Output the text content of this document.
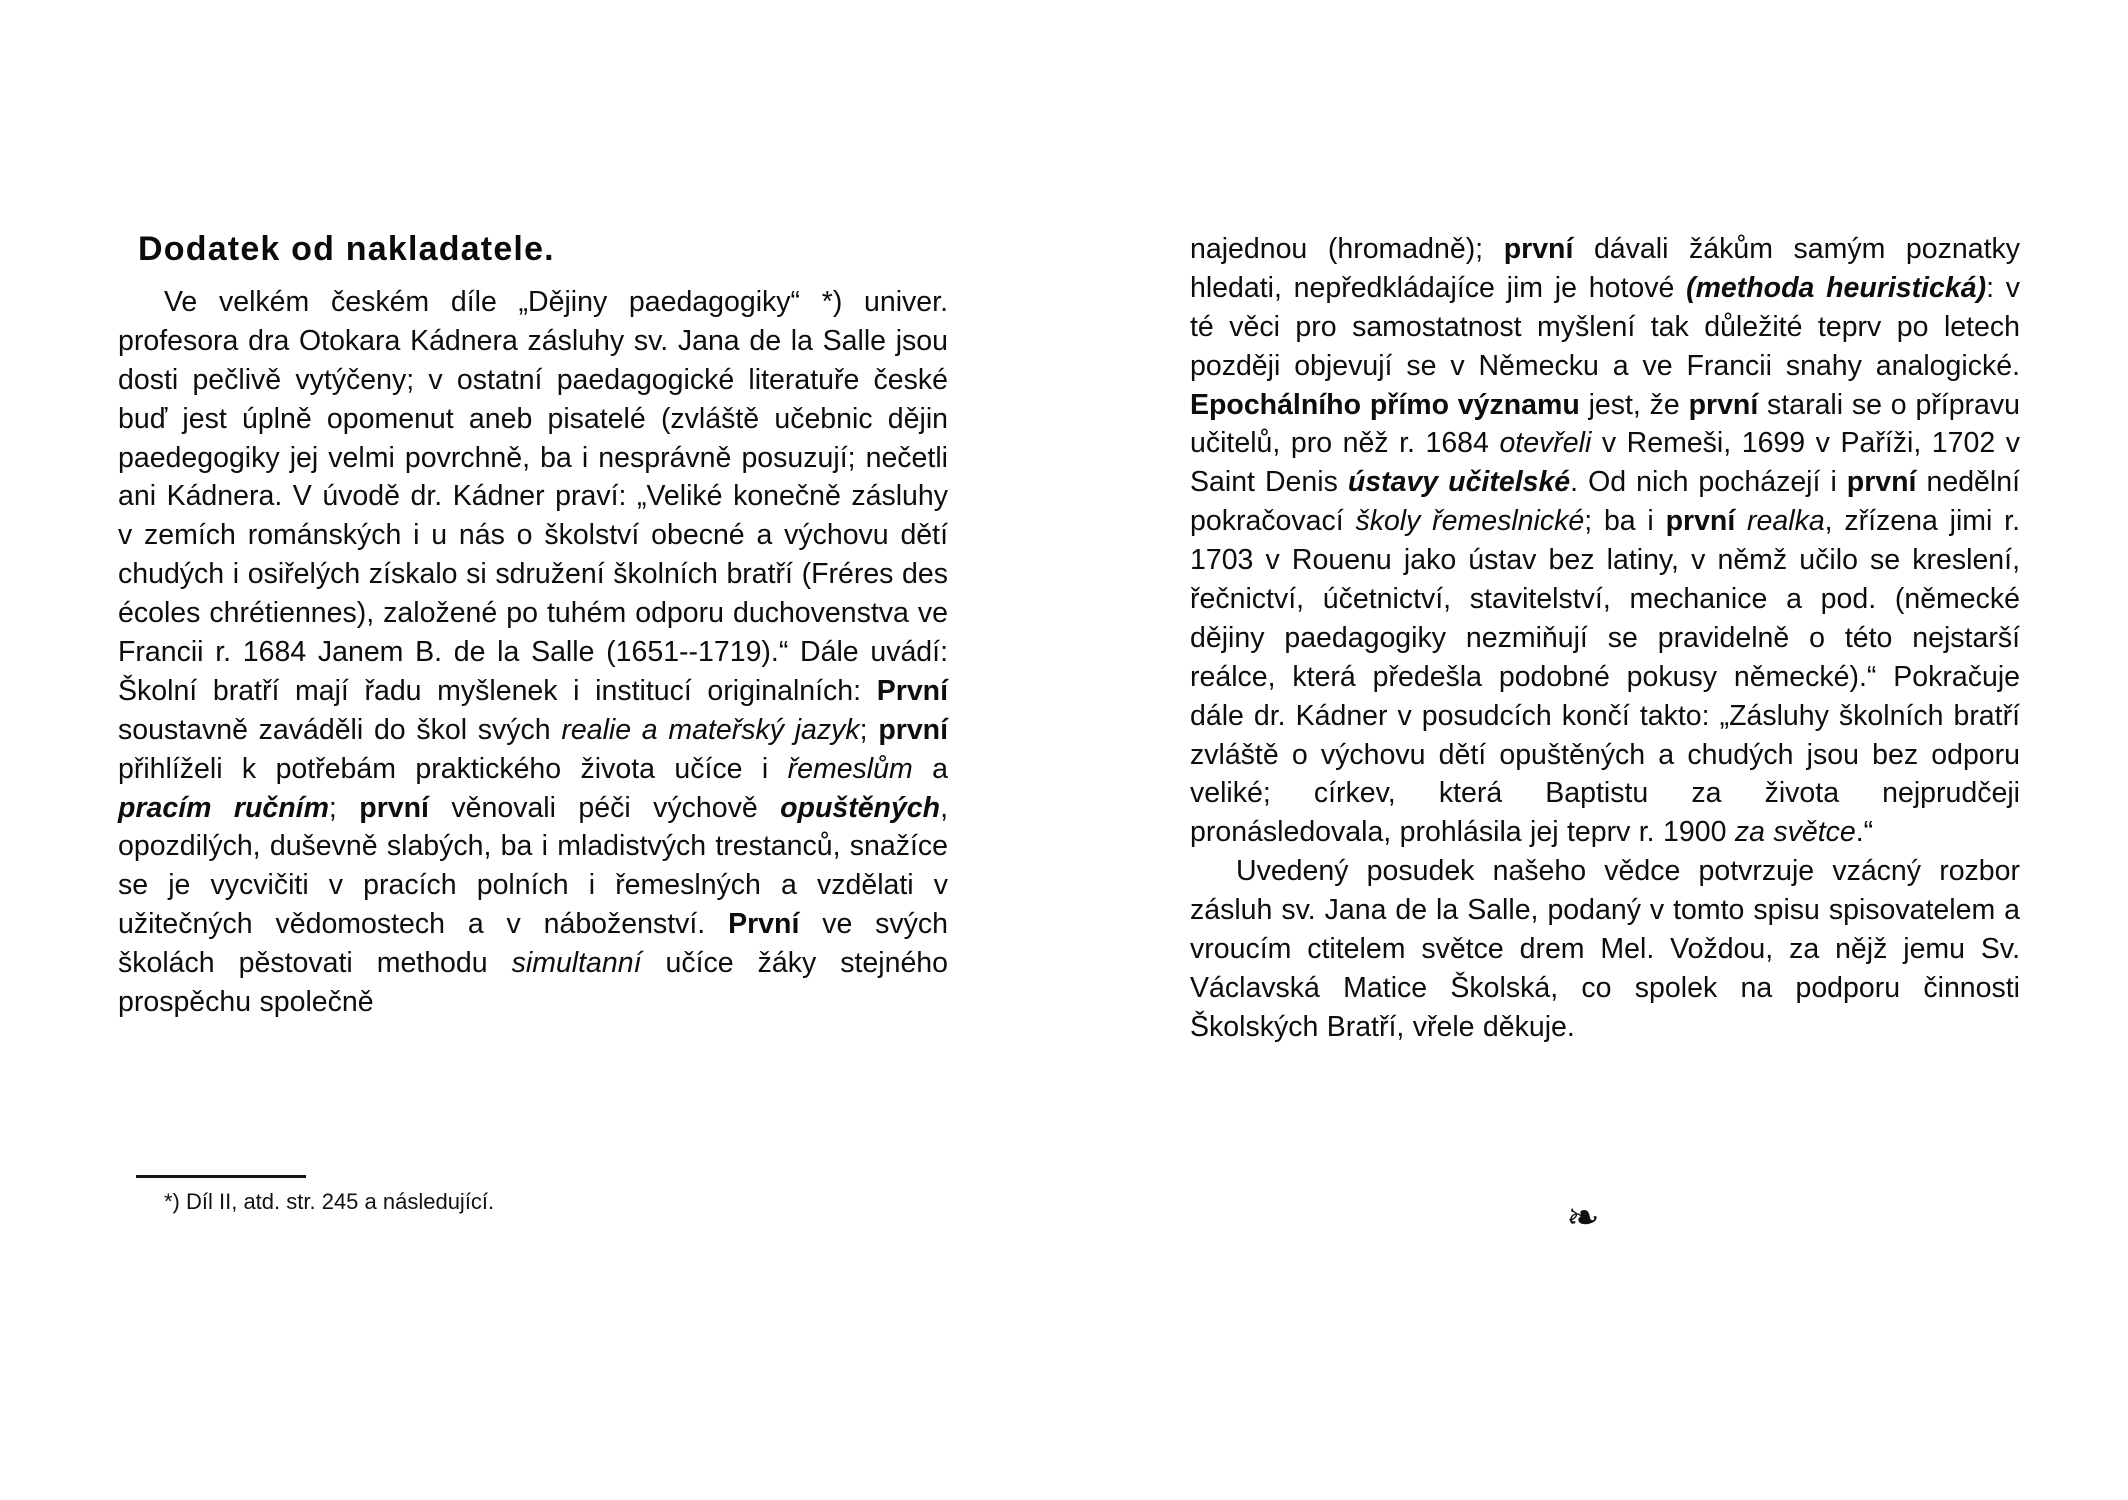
Dodatek od nakladatele.

Ve velkém českém díle „Dějiny paedagogiky“ *) univer. profesora dra Otokara Kádnera zásluhy sv. Jana de la Salle jsou dosti pečlivě vytýčeny; v ostatní paedagogické literatuře české buď jest úplně opomenut aneb pisatelé (zvláště učebnic dějin paedegogiky jej velmi povrchně, ba i nesprávně posuzují; nečetli ani Kádnera. V úvodě dr. Kádner praví: „Veliké konečně zásluhy v zemích románských i u nás o školství obecné a výchovu dětí chudých i osiřelých získalo si sdružení školních bratří (Fréres des écoles chrétiennes), založené po tuhém odporu duchovenstva ve Francii r. 1684 Janem B. de la Salle (1651--1719).“ Dále uvádí: Školní bratří mají řadu myšlenek i institucí originalních: První soustavně zaváděli do škol svých realie a mateřský jazyk; první přihlíželi k potřebám praktického života učíce i řemeslům a pracím ručním; první věnovali péči výchově opuštěných, opozdilých, duševně slabých, ba i mladistvých trestanců, snažíce se je vycvičiti v pracích polních i řemeslných a vzdělati v užitečných vědomostech a v náboženství. První ve svých školách pěstovati methodu simultanní učíce žáky stejného prospěchu společně

najednou (hromadně); první dávali žákům samým poznatky hledati, nepředkládajíce jim je hotové (methoda heuristická): v té věci pro samostatnost myšlení tak důležité teprv po letech později objevují se v Německu a ve Francii snahy analogické. Epochálního přímo významu jest, že první starali se o přípravu učitelů, pro něž r. 1684 otevřeli v Remeši, 1699 v Paříži, 1702 v Saint Denis ústavy učitelské. Od nich pocházejí i první nedělní pokračovací školy řemeslnické; ba i první realka, zřízena jimi r. 1703 v Rouenu jako ústav bez latiny, v němž učilo se kreslení, řečnictví, účetnictví, stavitelství, mechanice a pod. (německé dějiny paedagogiky nezmiňují se pravidelně o této nejstarší reálce, která předešla podobné pokusy německé).“ Pokračuje dále dr. Kádner v posudcích končí takto: „Zásluhy školních bratří zvláště o výchovu dětí opuštěných a chudých jsou bez odporu veliké; církev, která Baptistu za života nejprudčeji pronásledovala, prohlásila jej teprv r. 1900 za světce.“

Uvedený posudek našeho vědce potvrzuje vzácný rozbor zásluh sv. Jana de la Salle, podaný v tomto spisu spisovatelem a vroucím ctitelem světce drem Mel. Voždou, za nějž jemu Sv. Václavská Matice Školská, co spolek na podporu činnosti Školských Bratří, vřele děkuje.

*) Díl II, atd. str. 245 a následující.	❧
